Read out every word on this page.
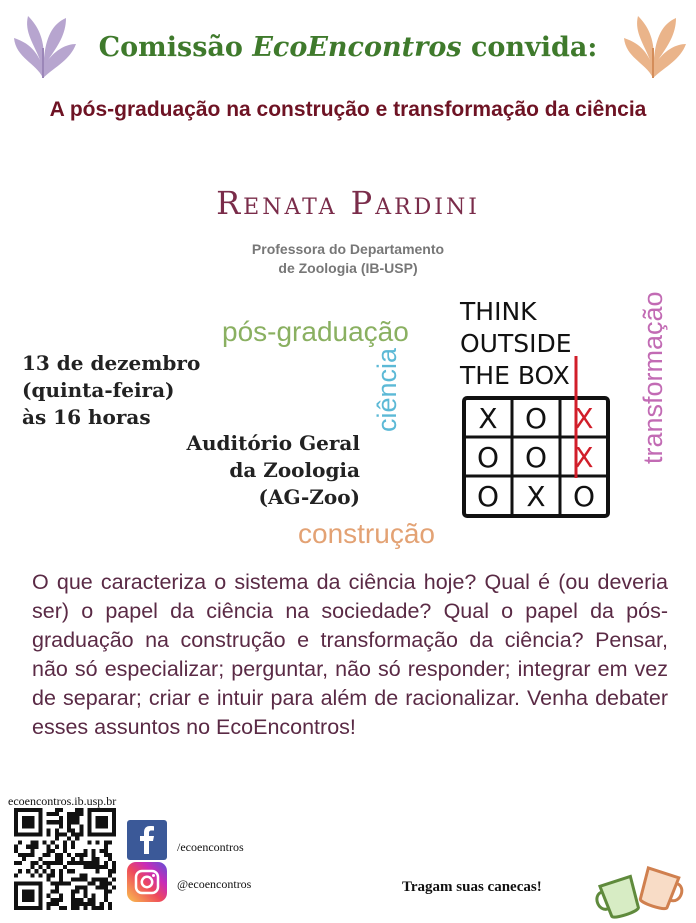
Comissão EcoEncontros convida:
A pós-graduação na construção e transformação da ciência
Renata Pardini
Professora do Departamento
de Zoologia (IB-USP)
pós-graduação
ciência
construção
transformação
13 de dezembro
(quinta-feira)
às 16 horas
Auditório Geral
da Zoologia
(AG-Zoo)
THINK
OUTSIDE
THE BOX
X O X
O O X
O X O
O que caracteriza o sistema da ciência hoje? Qual é (ou deveria ser) o papel da ciência na sociedade? Qual o papel da pós-graduação na construção e transformação da ciência? Pensar, não só especializar; perguntar, não só responder; integrar em vez de separar; criar e intuir para além de racionalizar. Venha debater esses assuntos no EcoEncontros!
ecoencontros.ib.usp.br
/ecoencontros
@ecoencontros	Tragam suas canecas!
